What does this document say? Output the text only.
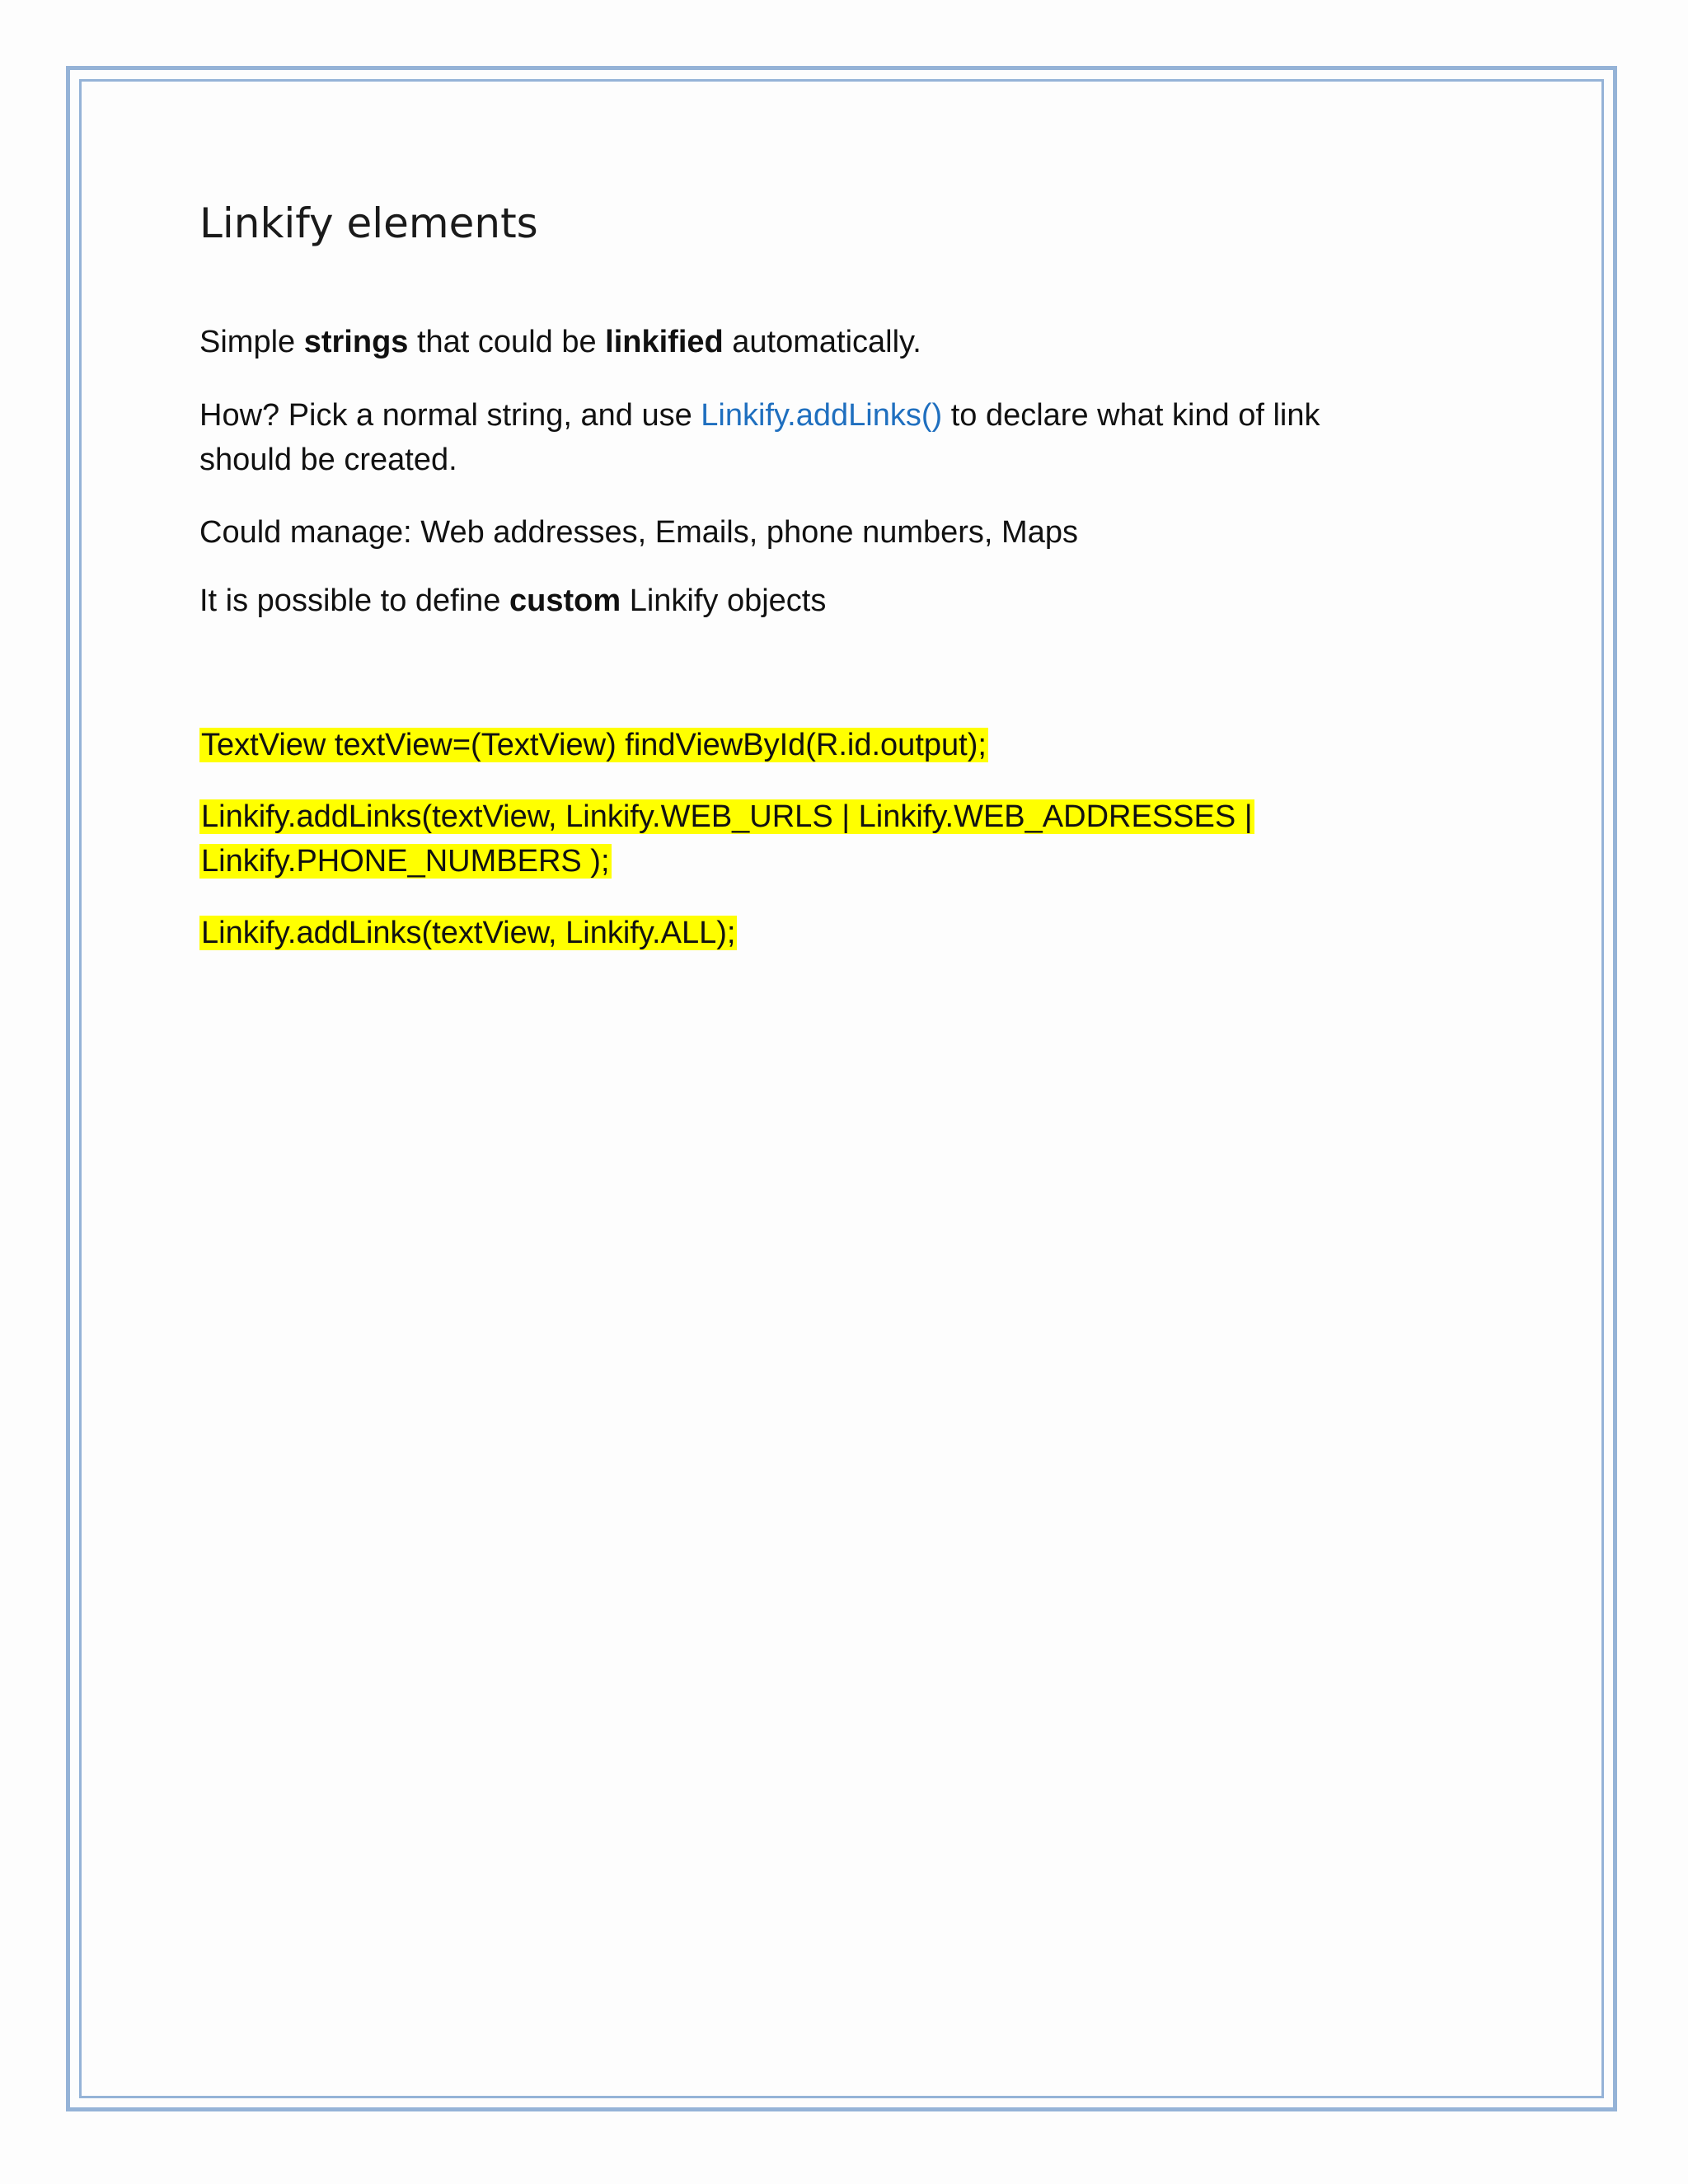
Linkify elements
Simple strings that could be linkified automatically.
How? Pick a normal string, and use Linkify.addLinks() to declare what kind of link
should be created.
Could manage: Web addresses, Emails, phone numbers, Maps
It is possible to define custom Linkify objects
TextView textView=(TextView) findViewById(R.id.output);
Linkify.addLinks(textView, Linkify.WEB_URLS | Linkify.WEB_ADDRESSES |
Linkify.PHONE_NUMBERS );
Linkify.addLinks(textView, Linkify.ALL);
